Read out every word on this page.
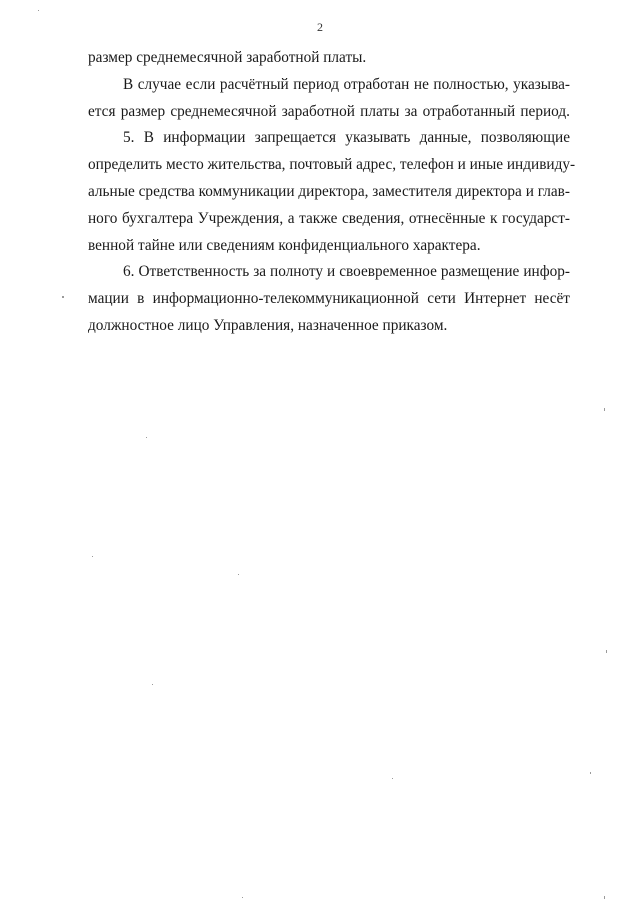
2
размер среднемесячной заработной платы.
В случае если расчётный период отработан не полностью, указыва-
ется размер среднемесячной заработной платы за отработанный период.
5. В информации запрещается указывать данные, позволяющие
определить место жительства, почтовый адрес, телефон и иные индивиду-
альные средства коммуникации директора, заместителя директора и глав-
ного бухгалтера Учреждения, а также сведения, отнесённые к государст-
венной тайне или сведениям конфиденциального характера.
6. Ответственность за полноту и своевременное размещение инфор-
мации в информационно-телекоммуникационной сети Интернет несёт
должностное лицо Управления, назначенное приказом.
